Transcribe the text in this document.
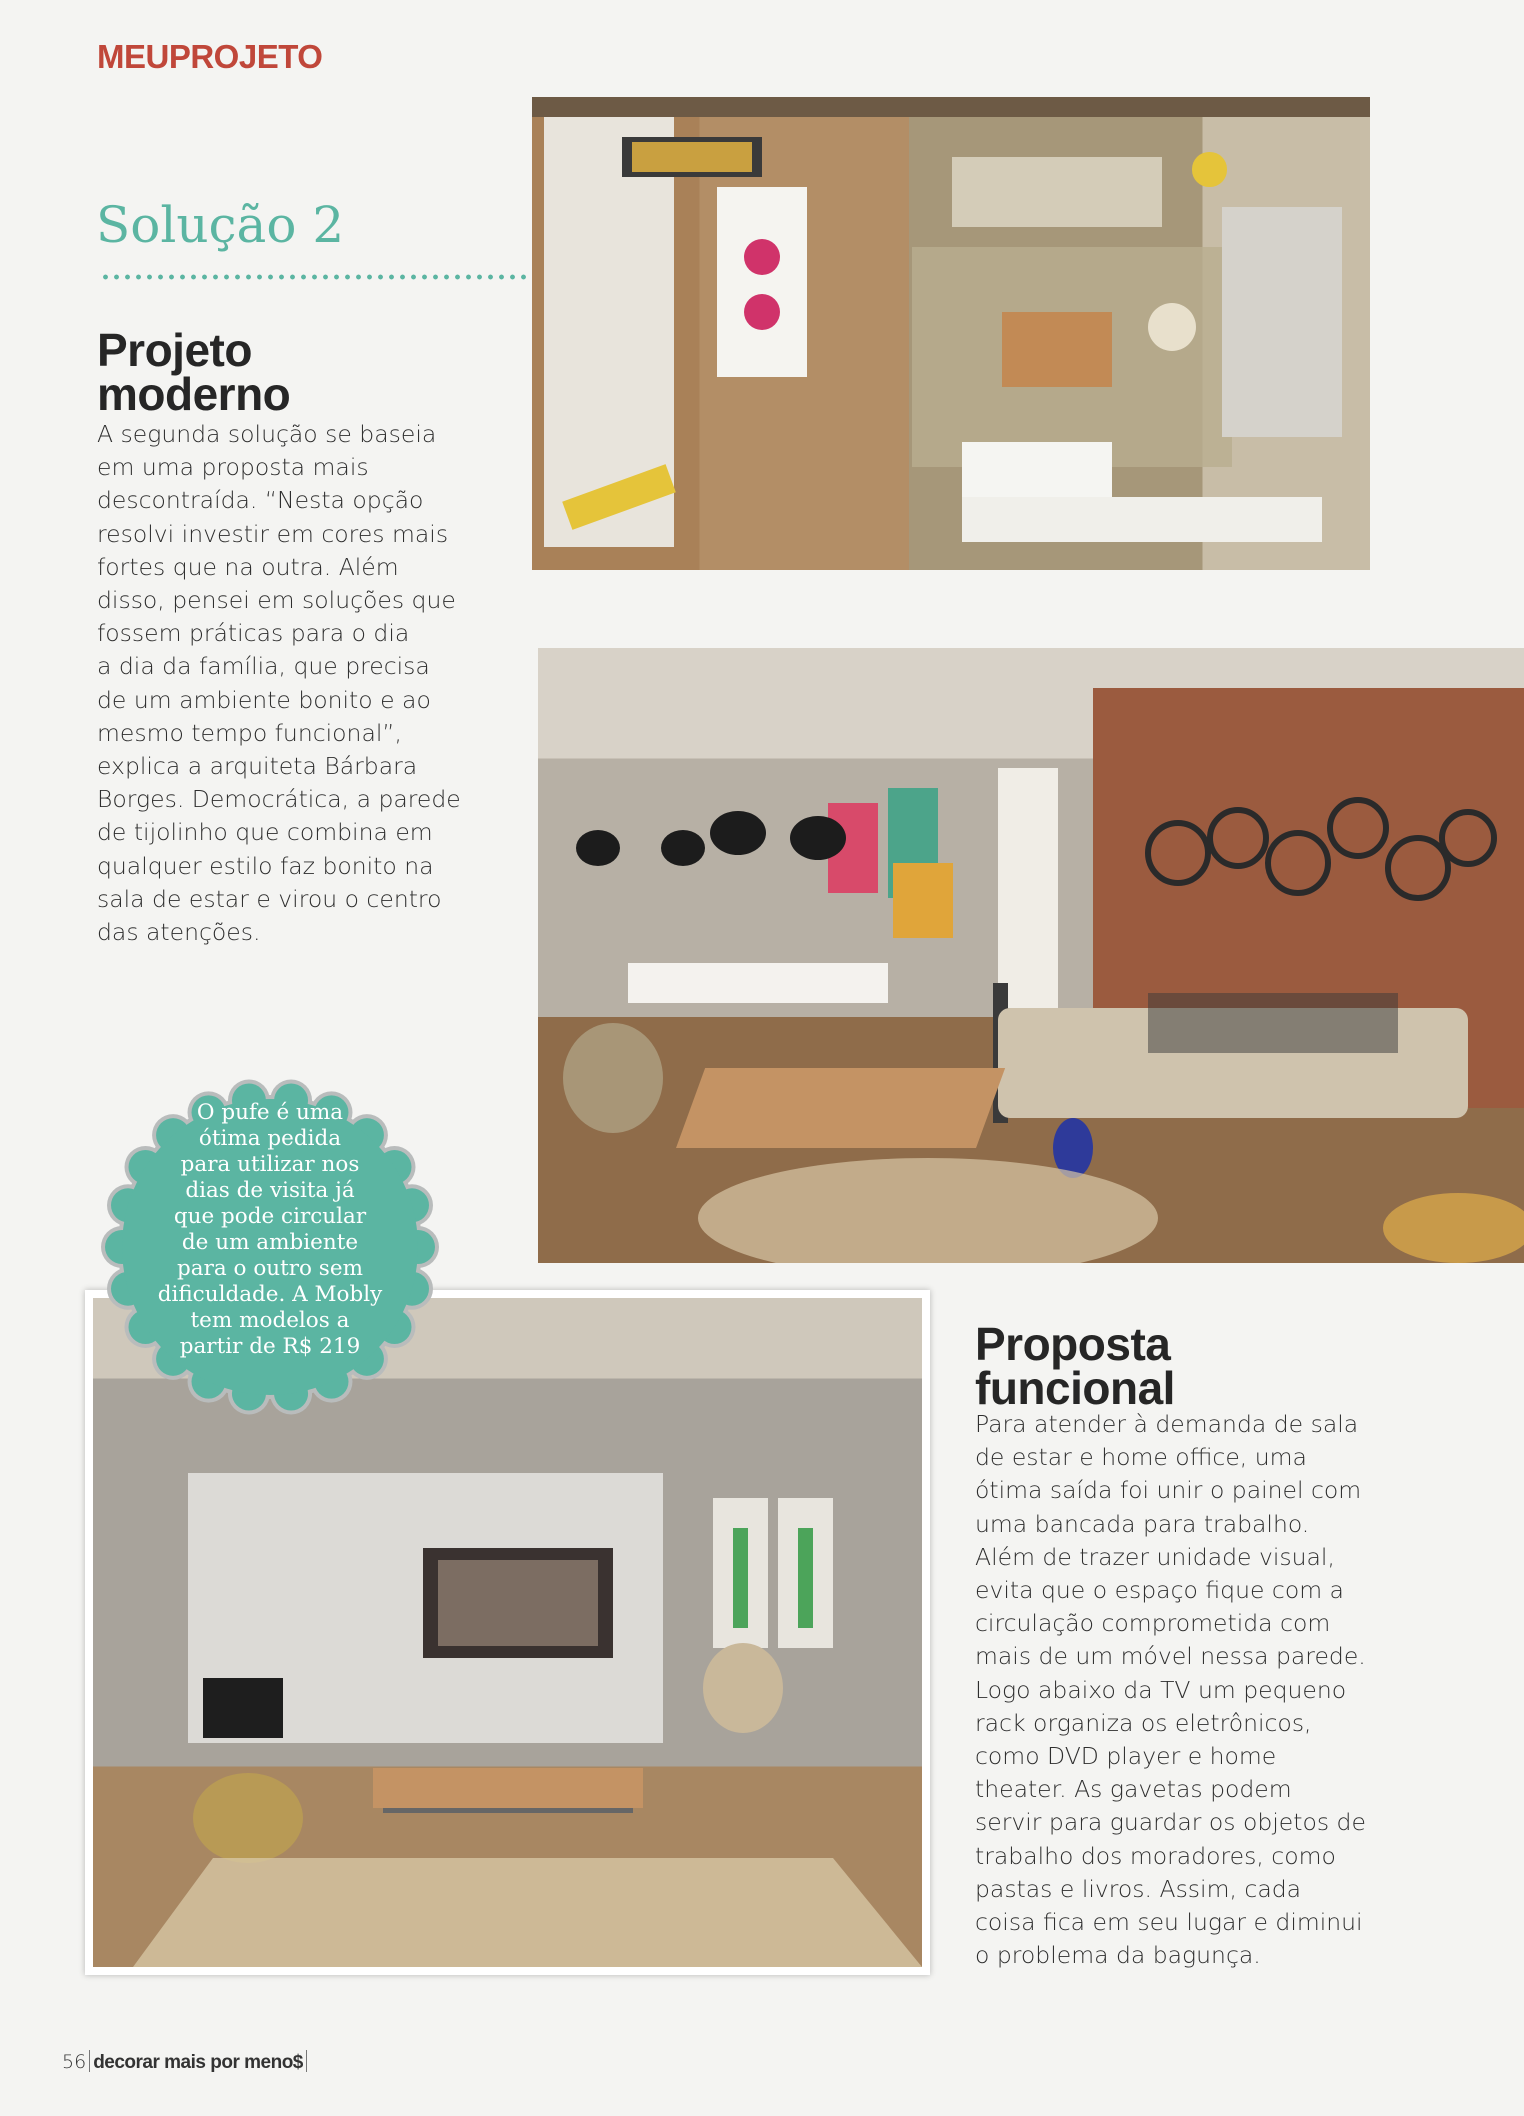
MEUPROJETO
Solução 2
Projeto
moderno
A segunda solução se baseia
em uma proposta mais
descontraída. “Nesta opção
resolvi investir em cores mais
fortes que na outra. Além
disso, pensei em soluções que
fossem práticas para o dia
a dia da família, que precisa
de um ambiente bonito e ao
mesmo tempo funcional”,
explica a arquiteta Bárbara
Borges. Democrática, a parede
de tijolinho que combina em
qualquer estilo faz bonito na
sala de estar e virou o centro
das atenções.
O pufe é uma
ótima pedida
para utilizar nos
dias de visita já
que pode circular
de um ambiente
para o outro sem
dificuldade. A Mobly
tem modelos a
partir de R$ 219	Proposta
funcional
Para atender à demanda de sala
de estar e home office, uma
ótima saída foi unir o painel com
uma bancada para trabalho.
Além de trazer unidade visual,
evita que o espaço fique com a
circulação comprometida com
mais de um móvel nessa parede.
Logo abaixo da TV um pequeno
rack organiza os eletrônicos,
como DVD player e home
theater. As gavetas podem
servir para guardar os objetos de
trabalho dos moradores, como
pastas e livros. Assim, cada
coisa fica em seu lugar e diminui
o problema da bagunça.
56 decorar mais por meno$
